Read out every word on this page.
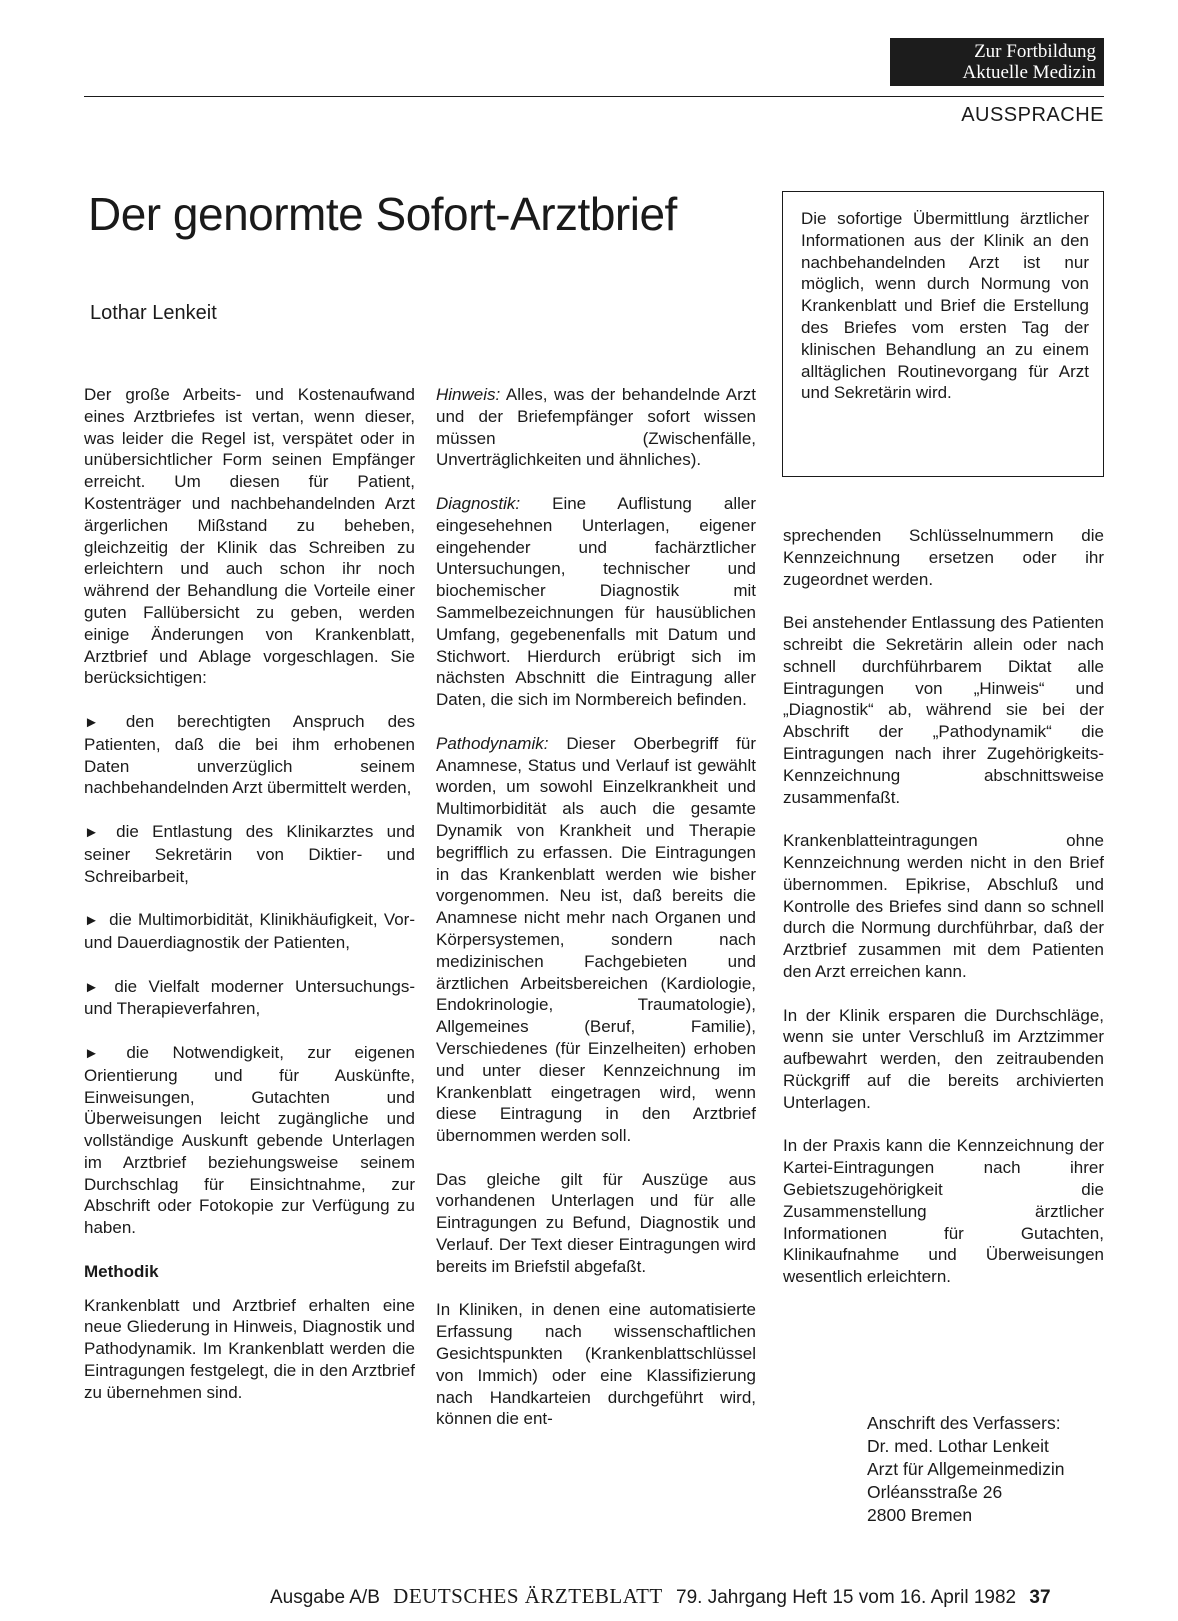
Zur Fortbildung
Aktuelle Medizin
AUSSPRACHE
Der genormte Sofort-Arztbrief
Lothar Lenkeit
Die sofortige Übermittlung ärztlicher Informationen aus der Klinik an den nachbehandelnden Arzt ist nur möglich, wenn durch Normung von Krankenblatt und Brief die Erstellung des Briefes vom ersten Tag der klinischen Behandlung an zu einem alltäglichen Routinevorgang für Arzt und Sekretärin wird.

Der große Arbeits- und Kostenaufwand eines Arztbriefes ist vertan, wenn dieser, was leider die Regel ist, verspätet oder in unübersichtlicher Form seinen Empfänger erreicht. Um diesen für Patient, Kostenträger und nachbehandelnden Arzt ärgerlichen Mißstand zu beheben, gleichzeitig der Klinik das Schreiben zu erleichtern und auch schon ihr noch während der Behandlung die Vorteile einer guten Fallübersicht zu geben, werden einige Änderungen von Krankenblatt, Arztbrief und Ablage vorgeschlagen. Sie berücksichtigen:

► den berechtigten Anspruch des Patienten, daß die bei ihm erhobenen Daten unverzüglich seinem nachbehandelnden Arzt übermittelt werden,

► die Entlastung des Klinikarztes und seiner Sekretärin von Diktier- und Schreibarbeit,

► die Multimorbidität, Klinikhäufigkeit, Vor- und Dauerdiagnostik der Patienten,

► die Vielfalt moderner Untersuchungs- und Therapieverfahren,

► die Notwendigkeit, zur eigenen Orientierung und für Auskünfte, Einweisungen, Gutachten und Überweisungen leicht zugängliche und vollständige Auskunft gebende Unterlagen im Arztbrief beziehungsweise seinem Durchschlag für Einsichtnahme, zur Abschrift oder Fotokopie zur Verfügung zu haben.

Methodik

Krankenblatt und Arztbrief erhalten eine neue Gliederung in Hinweis, Diagnostik und Pathodynamik. Im Krankenblatt werden die Eintragungen festgelegt, die in den Arztbrief zu übernehmen sind.

Hinweis: Alles, was der behandelnde Arzt und der Briefempfänger sofort wissen müssen (Zwischenfälle, Unverträglichkeiten und ähnliches).

Diagnostik: Eine Auflistung aller eingesehehnen Unterlagen, eigener eingehender und fachärztlicher Untersuchungen, technischer und biochemischer Diagnostik mit Sammelbezeichnungen für hausüblichen Umfang, gegebenenfalls mit Datum und Stichwort. Hierdurch erübrigt sich im nächsten Abschnitt die Eintragung aller Daten, die sich im Normbereich befinden.

Pathodynamik: Dieser Oberbegriff für Anamnese, Status und Verlauf ist gewählt worden, um sowohl Einzelkrankheit und Multimorbidität als auch die gesamte Dynamik von Krankheit und Therapie begrifflich zu erfassen. Die Eintragungen in das Krankenblatt werden wie bisher vorgenommen. Neu ist, daß bereits die Anamnese nicht mehr nach Organen und Körpersystemen, sondern nach medizinischen Fachgebieten und ärztlichen Arbeitsbereichen (Kardiologie, Endokrinologie, Traumatologie), Allgemeines (Beruf, Familie), Verschiedenes (für Einzelheiten) erhoben und unter dieser Kennzeichnung im Krankenblatt eingetragen wird, wenn diese Eintragung in den Arztbrief übernommen werden soll.

Das gleiche gilt für Auszüge aus vorhandenen Unterlagen und für alle Eintragungen zu Befund, Diagnostik und Verlauf. Der Text dieser Eintragungen wird bereits im Briefstil abgefaßt.

In Kliniken, in denen eine automatisierte Erfassung nach wissenschaftlichen Gesichtspunkten (Krankenblattschlüssel von Immich) oder eine Klassifizierung nach Handkarteien durchgeführt wird, können die ent-

sprechenden Schlüsselnummern die Kennzeichnung ersetzen oder ihr zugeordnet werden.

Bei anstehender Entlassung des Patienten schreibt die Sekretärin allein oder nach schnell durchführbarem Diktat alle Eintragungen von „Hinweis“ und „Diagnostik“ ab, während sie bei der Abschrift der „Pathodynamik“ die Eintragungen nach ihrer Zugehörigkeits-Kennzeichnung abschnittsweise zusammenfaßt.

Krankenblatteintragungen ohne Kennzeichnung werden nicht in den Brief übernommen. Epikrise, Abschluß und Kontrolle des Briefes sind dann so schnell durch die Normung durchführbar, daß der Arztbrief zusammen mit dem Patienten den Arzt erreichen kann.

In der Klinik ersparen die Durchschläge, wenn sie unter Verschluß im Arztzimmer aufbewahrt werden, den zeitraubenden Rückgriff auf die bereits archivierten Unterlagen.

In der Praxis kann die Kennzeichnung der Kartei-Eintragungen nach ihrer Gebietszugehörigkeit die Zusammenstellung ärztlicher Informationen für Gutachten, Klinikaufnahme und Überweisungen wesentlich erleichtern.

Anschrift des Verfassers:
Dr. med. Lothar Lenkeit
Arzt für Allgemeinmedizin
Orléansstraße 26
2800 Bremen
Ausgabe A/B DEUTSCHES ÄRZTEBLATT 79. Jahrgang Heft 15 vom 16. April 1982 37
